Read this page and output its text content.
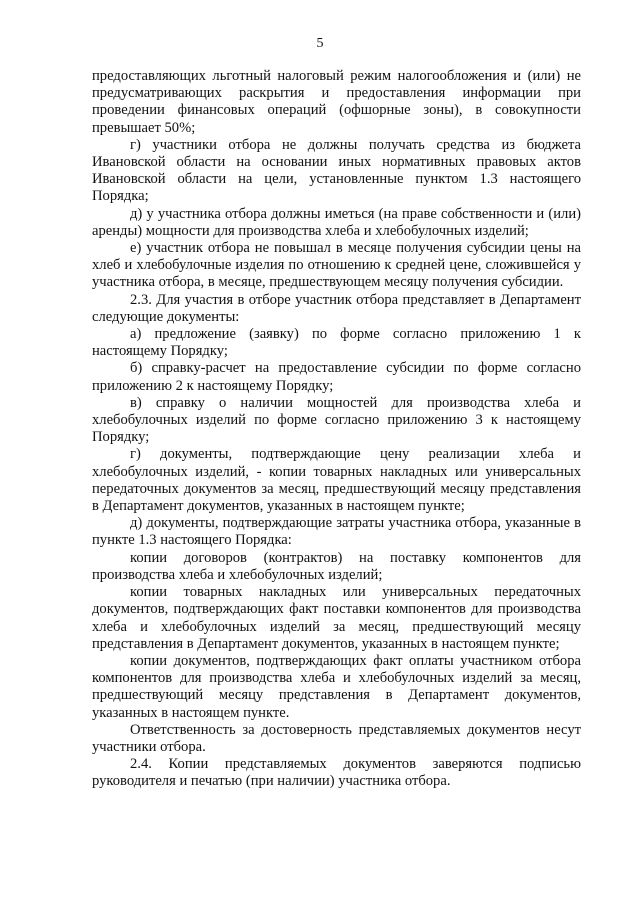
5

предоставляющих льготный налоговый режим налогообложения и (или) не предусматривающих раскрытия и предоставления информации при проведении финансовых операций (офшорные зоны), в совокупности превышает 50%;

г) участники отбора не должны получать средства из бюджета Ивановской области на основании иных нормативных правовых актов Ивановской области на цели, установленные пунктом 1.3 настоящего Порядка;

д) у участника отбора должны иметься (на праве собственности и (или) аренды) мощности для производства хлеба и хлебобулочных изделий;

е) участник отбора не повышал в месяце получения субсидии цены на хлеб и хлебобулочные изделия по отношению к средней цене, сложившейся у участника отбора, в месяце, предшествующем месяцу получения субсидии.

2.3. Для участия в отборе участник отбора представляет в Департамент следующие документы:

а) предложение (заявку) по форме согласно приложению 1 к настоящему Порядку;

б) справку-расчет на предоставление субсидии по форме согласно приложению 2 к настоящему Порядку;

в) справку о наличии мощностей для производства хлеба и хлебобулочных изделий по форме согласно приложению 3 к настоящему Порядку;

г) документы, подтверждающие цену реализации хлеба и хлебобулочных изделий, - копии товарных накладных или универсальных передаточных документов за месяц, предшествующий месяцу представления в Департамент документов, указанных в настоящем пункте;

д) документы, подтверждающие затраты участника отбора, указанные в пункте 1.3 настоящего Порядка:

копии договоров (контрактов) на поставку компонентов для производства хлеба и хлебобулочных изделий;

копии товарных накладных или универсальных передаточных документов, подтверждающих факт поставки компонентов для производства хлеба и хлебобулочных изделий за месяц, предшествующий месяцу представления в Департамент документов, указанных в настоящем пункте;

копии документов, подтверждающих факт оплаты участником отбора компонентов для производства хлеба и хлебобулочных изделий за месяц, предшествующий месяцу представления в Департамент документов, указанных в настоящем пункте.

Ответственность за достоверность представляемых документов несут участники отбора.

2.4. Копии представляемых документов заверяются подписью руководителя и печатью (при наличии) участника отбора.
